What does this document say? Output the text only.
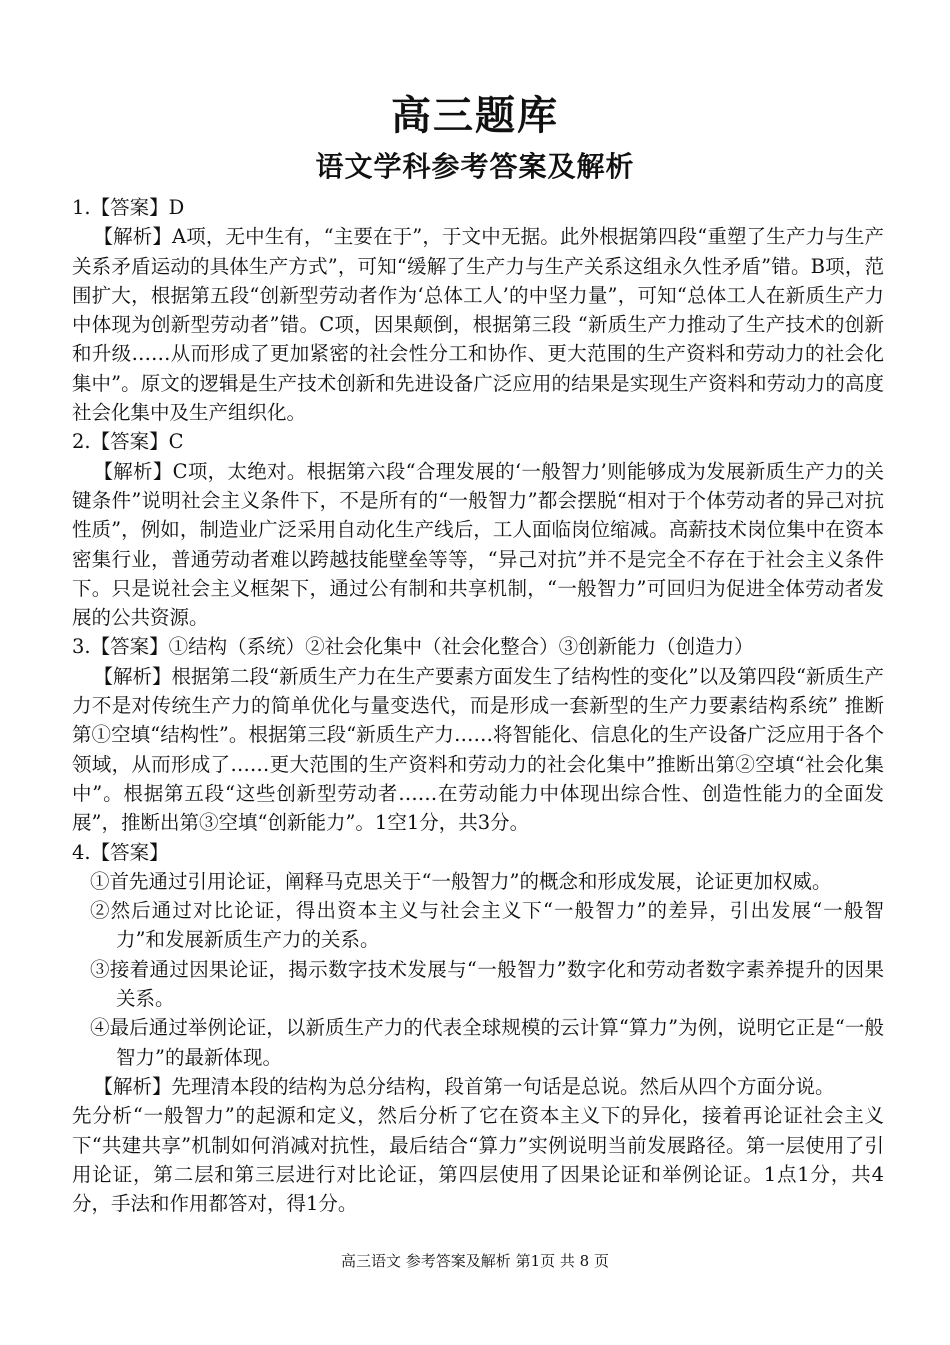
高三题库
语文学科参考答案及解析

1.【答案】D

【解析】A项，无中生有，“主要在于”，于文中无据。此外根据第四段“重塑了生产力与生产关系矛盾运动的具体生产方式”，可知“缓解了生产力与生产关系这组永久性矛盾”错。B项，范围扩大，根据第五段“创新型劳动者作为‘总体工人’的中坚力量”，可知“总体工人在新质生产力中体现为创新型劳动者”错。C项，因果颠倒，根据第三段 “新质生产力推动了生产技术的创新和升级……从而形成了更加紧密的社会性分工和协作、更大范围的生产资料和劳动力的社会化集中”。原文的逻辑是生产技术创新和先进设备广泛应用的结果是实现生产资料和劳动力的高度社会化集中及生产组织化。

2.【答案】C

【解析】C项，太绝对。根据第六段“合理发展的‘一般智力’则能够成为发展新质生产力的关键条件”说明社会主义条件下，不是所有的“一般智力”都会摆脱“相对于个体劳动者的异己对抗性质”，例如，制造业广泛采用自动化生产线后，工人面临岗位缩减。高薪技术岗位集中在资本密集行业，普通劳动者难以跨越技能壁垒等等，“异己对抗”并不是完全不存在于社会主义条件下。只是说社会主义框架下，通过公有制和共享机制，“一般智力”可回归为促进全体劳动者发展的公共资源。

3.【答案】①结构（系统）②社会化集中（社会化整合）③创新能力（创造力）

【解析】根据第二段“新质生产力在生产要素方面发生了结构性的变化”以及第四段“新质生产力不是对传统生产力的简单优化与量变迭代，而是形成一套新型的生产力要素结构系统” 推断第①空填“结构性”。根据第三段“新质生产力……将智能化、信息化的生产设备广泛应用于各个领域，从而形成了……更大范围的生产资料和劳动力的社会化集中”推断出第②空填“社会化集中”。根据第五段“这些创新型劳动者……在劳动能力中体现出综合性、创造性能力的全面发展”，推断出第③空填“创新能力”。1空1分，共3分。

4.【答案】

①首先通过引用论证，阐释马克思关于“一般智力”的概念和形成发展，论证更加权威。

②然后通过对比论证，得出资本主义与社会主义下“一般智力”的差异，引出发展“一般智力”和发展新质生产力的关系。

③接着通过因果论证，揭示数字技术发展与“一般智力”数字化和劳动者数字素养提升的因果关系。

④最后通过举例论证，以新质生产力的代表全球规模的云计算“算力”为例，说明它正是“一般智力”的最新体现。

【解析】先理清本段的结构为总分结构，段首第一句话是总说。然后从四个方面分说。

先分析“一般智力”的起源和定义，然后分析了它在资本主义下的异化，接着再论证社会主义下“共建共享”机制如何消减对抗性，最后结合“算力”实例说明当前发展路径。第一层使用了引用论证，第二层和第三层进行对比论证，第四层使用了因果论证和举例论证。1点1分，共4分，手法和作用都答对，得1分。

高三语文 参考答案及解析 第1页 共 8 页
